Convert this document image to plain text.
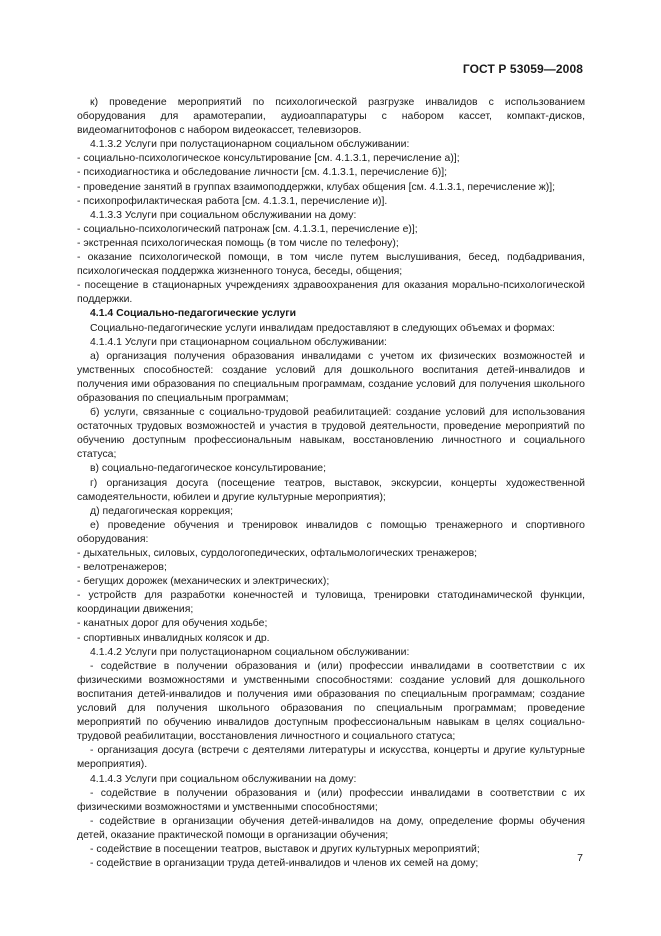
ГОСТ Р 53059—2008

к) проведение мероприятий по психологической разгрузке инвалидов с использованием оборудования для арамотерапии, аудиоаппаратуры с набором кассет, компакт-дисков, видеомагнитофонов с набором видеокассет, телевизоров.

4.1.3.2 Услуги при полустационарном социальном обслуживании:

- социально-психологическое консультирование [см. 4.1.3.1, перечисление а)];

- психодиагностика и обследование личности [см. 4.1.3.1, перечисление б)];

- проведение занятий в группах взаимоподдержки, клубах общения [см. 4.1.3.1, перечисление ж)];

- психопрофилактическая работа [см. 4.1.3.1, перечисление и)].

4.1.3.3 Услуги при социальном обслуживании на дому:

- социально-психологический патронаж [см. 4.1.3.1, перечисление е)];

- экстренная психологическая помощь (в том числе по телефону);

- оказание психологической помощи, в том числе путем выслушивания, бесед, подбадривания, психологическая поддержка жизненного тонуса, беседы, общения;

- посещение в стационарных учреждениях здравоохранения для оказания морально-психологической поддержки.

4.1.4 Социально-педагогические услуги

Социально-педагогические услуги инвалидам предоставляют в следующих объемах и формах:

4.1.4.1 Услуги при стационарном социальном обслуживании:

а) организация получения образования инвалидами с учетом их физических возможностей и умственных способностей: создание условий для дошкольного воспитания детей-инвалидов и получения ими образования по специальным программам, создание условий для получения школьного образования по специальным программам;

б) услуги, связанные с социально-трудовой реабилитацией: создание условий для использования остаточных трудовых возможностей и участия в трудовой деятельности, проведение мероприятий по обучению доступным профессиональным навыкам, восстановлению личностного и социального статуса;

в) социально-педагогическое консультирование;

г) организация досуга (посещение театров, выставок, экскурсии, концерты художественной самодеятельности, юбилеи и другие культурные мероприятия);

д) педагогическая коррекция;

е) проведение обучения и тренировок инвалидов с помощью тренажерного и спортивного оборудования:

- дыхательных, силовых, сурдологопедических, офтальмологических тренажеров;

- велотренажеров;

- бегущих дорожек (механических и электрических);

- устройств для разработки конечностей и туловища, тренировки статодинамической функции, координации движения;

- канатных дорог для обучения ходьбе;

- спортивных инвалидных колясок и др.

4.1.4.2 Услуги при полустационарном социальном обслуживании:

- содействие в получении образования и (или) профессии инвалидами в соответствии с их физическими возможностями и умственными способностями: создание условий для дошкольного воспитания детей-инвалидов и получения ими образования по специальным программам; создание условий для получения школьного образования по специальным программам; проведение мероприятий по обучению инвалидов доступным профессиональным навыкам в целях социально-трудовой реабилитации, восстановления личностного и социального статуса;

- организация досуга (встречи с деятелями литературы и искусства, концерты и другие культурные мероприятия).

4.1.4.3 Услуги при социальном обслуживании на дому:

- содействие в получении образования и (или) профессии инвалидами в соответствии с их физическими возможностями и умственными способностями;

- содействие в организации обучения детей-инвалидов на дому, определение формы обучения детей, оказание практической помощи в организации обучения;

- содействие в посещении театров, выставок и других культурных мероприятий;

- содействие в организации труда детей-инвалидов и членов их семей на дому;	7
